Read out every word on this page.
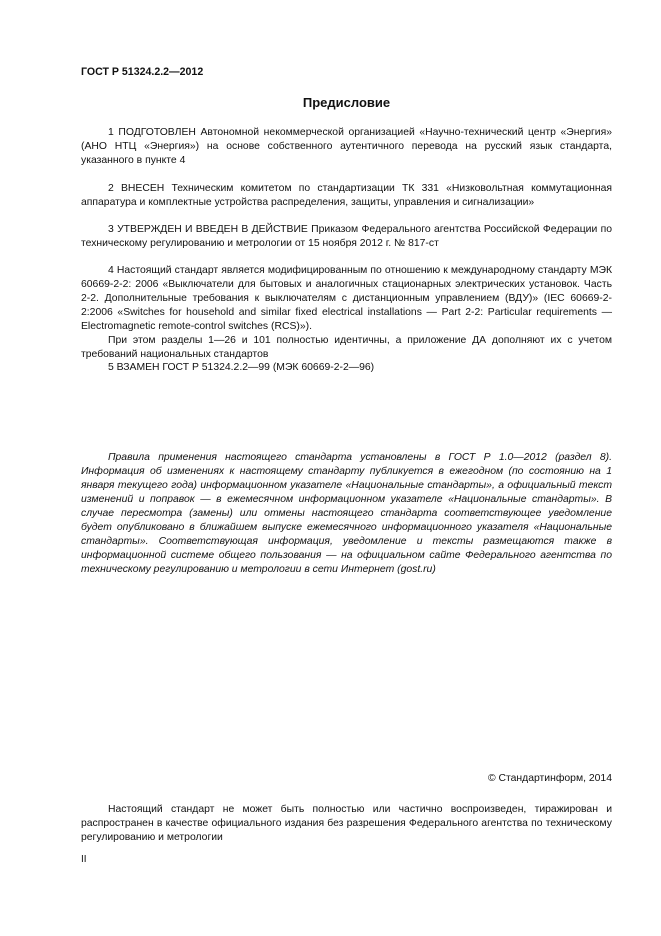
ГОСТ Р 51324.2.2—2012
Предисловие

1 ПОДГОТОВЛЕН Автономной некоммерческой организацией «Научно-технический центр «Энергия» (АНО НТЦ «Энергия») на основе собственного аутентичного перевода на русский язык стандарта, указанного в пункте 4

2 ВНЕСЕН Техническим комитетом по стандартизации ТК 331 «Низковольтная коммутационная аппаратура и комплектные устройства распределения, защиты, управления и сигнализации»

3 УТВЕРЖДЕН И ВВЕДЕН В ДЕЙСТВИЕ Приказом Федерального агентства Российской Федерации по техническому регулированию и метрологии от 15 ноября 2012 г. № 817-ст

4 Настоящий стандарт является модифицированным по отношению к международному стандарту МЭК 60669-2-2: 2006 «Выключатели для бытовых и аналогичных стационарных электрических установок. Часть 2-2. Дополнительные требования к выключателям с дистанционным управлением (ВДУ)» (IEC 60669-2-2:2006 «Switches for household and similar fixed electrical installations — Part 2-2: Particular requirements — Electromagnetic remote-control switches (RCS)»).

При этом разделы 1—26 и 101 полностью идентичны, а приложение ДА дополняют их с учетом требований национальных стандартов

5 ВЗАМЕН ГОСТ Р 51324.2.2—99 (МЭК 60669-2-2—96)

Правила применения настоящего стандарта установлены в ГОСТ Р 1.0—2012 (раздел 8). Информация об изменениях к настоящему стандарту публикуется в ежегодном (по состоянию на 1 января текущего года) информационном указателе «Национальные стандарты», а официальный текст изменений и поправок — в ежемесячном информационном указателе «Национальные стандарты». В случае пересмотра (замены) или отмены настоящего стандарта соответствующее уведомление будет опубликовано в ближайшем выпуске ежемесячного информационного указателя «Национальные стандарты». Соответствующая информация, уведомление и тексты размещаются также в информационной системе общего пользования — на официальном сайте Федерального агентства по техническому регулированию и метрологии в сети Интернет (gost.ru)

© Стандартинформ, 2014

Настоящий стандарт не может быть полностью или частично воспроизведен, тиражирован и распространен в качестве официального издания без разрешения Федерального агентства по техническому регулированию и метрологии

II
